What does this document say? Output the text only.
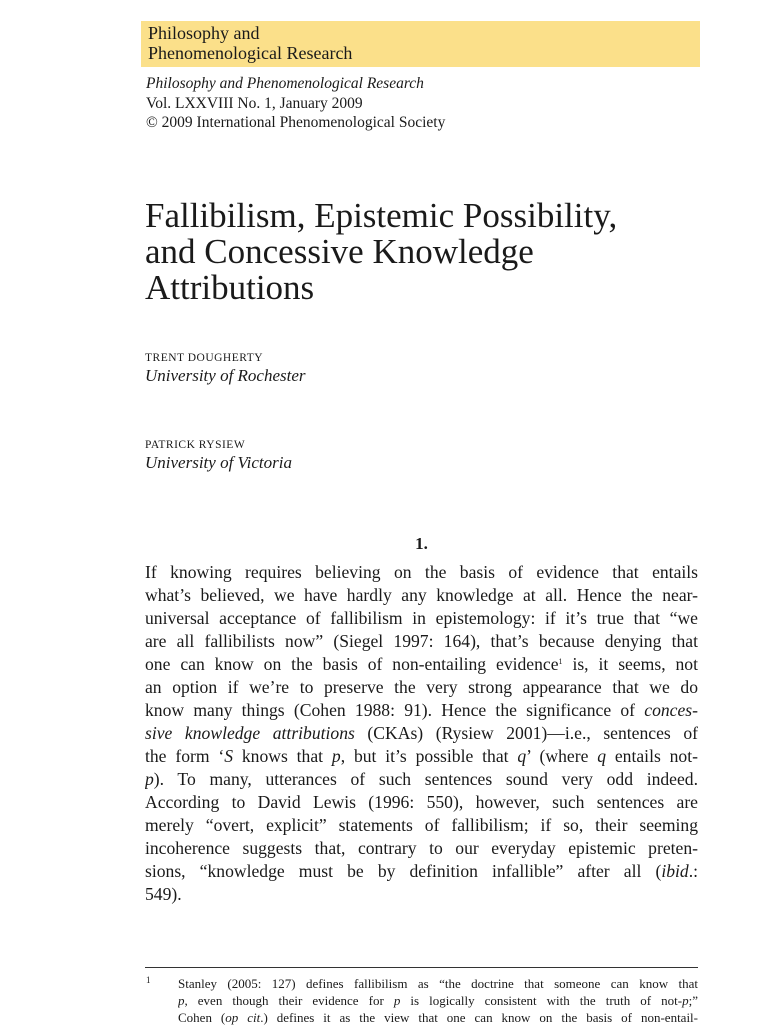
Philosophy and
Phenomenological Research
Philosophy and Phenomenological Research
Vol. LXXVIII No. 1, January 2009
© 2009 International Phenomenological Society
Fallibilism, Epistemic Possibility,
and Concessive Knowledge
Attributions
TRENT DOUGHERTY
University of Rochester
PATRICK RYSIEW
University of Victoria
1.
If knowing requires believing on the basis of evidence that entails
what’s believed, we have hardly any knowledge at all. Hence the near-
universal acceptance of fallibilism in epistemology: if it’s true that “we
are all fallibilists now” (Siegel 1997: 164), that’s because denying that
one can know on the basis of non-entailing evidence$^1$ is, it seems, not
an option if we’re to preserve the very strong appearance that we do
know many things (Cohen 1988: 91). Hence the significance of conces-
sive knowledge attributions (CKAs) (Rysiew 2001)—i.e., sentences of
the form ‘S knows that p, but it’s possible that q’ (where q entails not-
p). To many, utterances of such sentences sound very odd indeed.
According to David Lewis (1996: 550), however, such sentences are
merely “overt, explicit” statements of fallibilism; if so, their seeming
incoherence suggests that, contrary to our everyday epistemic preten-
sions, “knowledge must be by definition infallible” after all (ibid.:
549).
1 Stanley (2005: 127) defines fallibilism as “the doctrine that someone can know that
p, even though their evidence for p is logically consistent with the truth of not-p;”
Cohen (op cit.) defines it as the view that one can know on the basis of non-entail-
